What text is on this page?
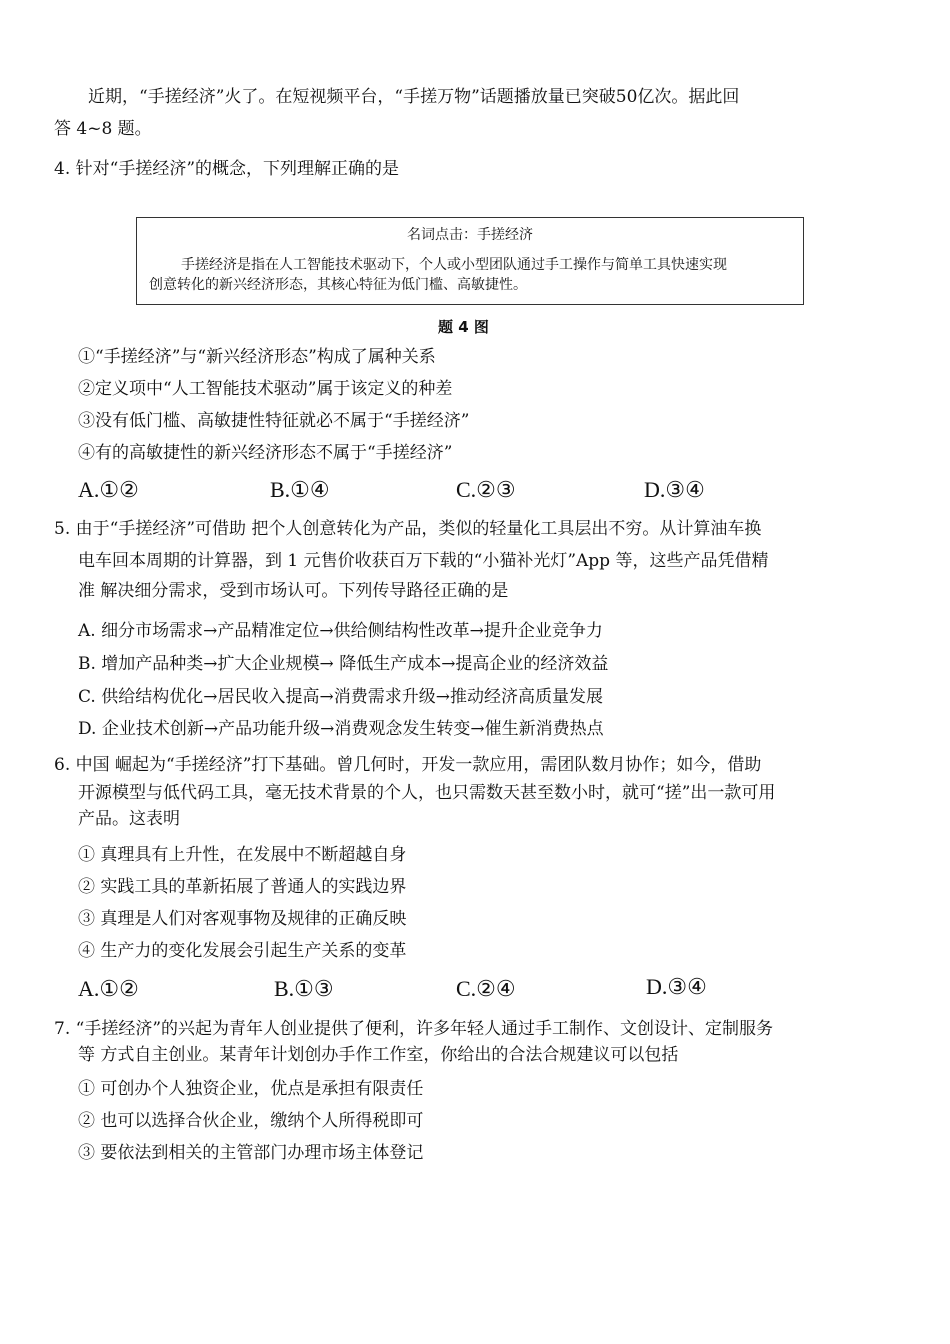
近期，“手搓经济”火了。在短视频平台，“手搓万物”话题播放量已突破50亿次。据此回
答 4~8 题。
4. 针对“手搓经济”的概念，下列理解正确的是
名词点击：手搓经济
手搓经济是指在人工智能技术驱动下，个人或小型团队通过手工操作与简单工具快速实现
创意转化的新兴经济形态，其核心特征为低门槛、高敏捷性。
题 4 图
①“手搓经济”与“新兴经济形态”构成了属种关系
②定义项中“人工智能技术驱动”属于该定义的种差
③没有低门槛、高敏捷性特征就必不属于“手搓经济”
④有的高敏捷性的新兴经济形态不属于“手搓经济”
A.①②	B.①④	C.②③	D.③④
5. 由于“手搓经济”可借助 把个人创意转化为产品，类似的轻量化工具层出不穷。从计算油车换
电车回本周期的计算器，到 1 元售价收获百万下载的“小猫补光灯”App 等，这些产品凭借精
准 解决细分需求，受到市场认可。下列传导路径正确的是
A. 细分市场需求→产品精准定位→供给侧结构性改革→提升企业竞争力
B. 增加产品种类→扩大企业规模→ 降低生产成本→提高企业的经济效益
C. 供给结构优化→居民收入提高→消费需求升级→推动经济高质量发展
D. 企业技术创新→产品功能升级→消费观念发生转变→催生新消费热点
6. 中国 崛起为“手搓经济”打下基础。曾几何时，开发一款应用，需团队数月协作；如今，借助
开源模型与低代码工具，毫无技术背景的个人，也只需数天甚至数小时，就可“搓”出一款可用
产品。这表明
① 真理具有上升性，在发展中不断超越自身
② 实践工具的革新拓展了普通人的实践边界
③ 真理是人们对客观事物及规律的正确反映
④ 生产力的变化发展会引起生产关系的变革
A.①②	B.①③	C.②④	D.③④
7. “手搓经济”的兴起为青年人创业提供了便利，许多年轻人通过手工制作、文创设计、定制服务
等 方式自主创业。某青年计划创办手作工作室，你给出的合法合规建议可以包括
① 可创办个人独资企业，优点是承担有限责任
② 也可以选择合伙企业，缴纳个人所得税即可
③ 要依法到相关的主管部门办理市场主体登记
